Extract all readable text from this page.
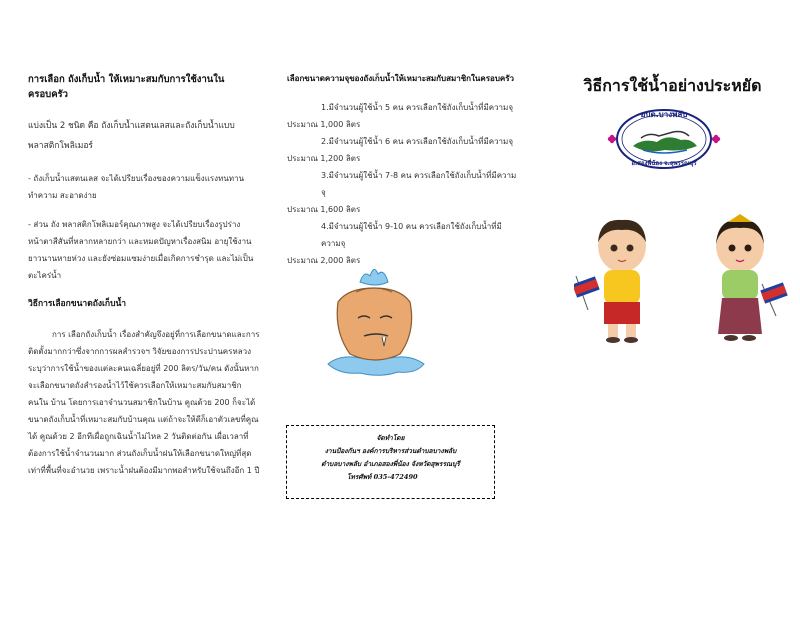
การเลือก ถังเก็บน้ำ ให้เหมาะสมกับการใช้งานในครอบครัว
แบ่งเป็น 2 ชนิด คือ ถังเก็บน้ำแสตนเลสและถังเก็บน้ำแบบพลาสติกโพลิเมอร์
- ถังเก็บน้ำแสตนเลส จะได้เปรียบเรื่องของความแข็งแรงทนทาน ทำความ สะอาดง่าย
- ส่วน ถัง พลาสติกโพลิเมอร์คุณภาพสูง จะได้เปรียบเรื่องรูปร่างหน้าตาสีสันที่หลากหลายกว่า และหมดปัญหาเรื่องสนิม อายุใช้งานยาวนานหายห่วง และยังซ่อมแซมง่ายเมื่อเกิดการชำรุด และไม่เป็นตะไคร่น้ำ
วิธีการเลือกขนาดถังเก็บน้ำ
การ เลือกถังเก็บน้ำ เรื่องสำคัญจึงอยู่ที่การเลือกขนาดและการติดตั้งมากกว่าซึ่งจากการผลสำรวจฯ วิจัยของการประปานครหลวง ระบุว่าการใช้น้ำของแต่ละคนเฉลี่ยอยู่ที่ 200 ลิตร/วัน/คน ดังนั้นหากจะเลือกขนาดถังสำรองน้ำไว้ใช้ควรเลือกให้เหมาะสมกับสมาชิกคนใน บ้าน โดยการเอาจำนวนสมาชิกในบ้าน คูณด้วย 200 ก็จะได้ขนาดถังเก็บน้ำที่เหมาะสมกับบ้านคุณ แต่ถ้าจะให้ดีก็เอาตัวเลขที่คูณได้ คูณด้วย 2 อีกทีเผื่อถูกเฉินน้ำไม่ไหล 2 วันติดต่อกัน เผื่อเวลาที่ต้องการใช้น้ำจำนวนมาก ส่วนถังเก็บน้ำฝนให้เลือกขนาดใหญ่ที่สุดเท่าที่พื้นที่จะอำนวย เพราะน้ำฝนต้องมีมากพอสำหรับใช้จนถึงอีก 1 ปี
เลือกขนาดความจุของถังเก็บน้ำให้เหมาะสมกับสมาชิกในครอบครัว
1.มีจำนวนผู้ใช้น้ำ 5 คน ควรเลือกใช้ถังเก็บน้ำที่มีความจุ
ประมาณ 1,000 ลิตร
2.มีจำนวนผู้ใช้น้ำ 6 คน ควรเลือกใช้ถังเก็บน้ำที่มีความจุ
ประมาณ 1,200 ลิตร
3.มีจำนวนผู้ใช้น้ำ 7-8 คน ควรเลือกใช้ถังเก็บน้ำที่มีความจุ
ประมาณ 1,600 ลิตร
4.มีจำนวนผู้ใช้น้ำ 9-10 คน ควรเลือกใช้ถังเก็บน้ำที่มีความจุ
ประมาณ 2,000 ลิตร
จัดทำโดย
งานป้องกันฯ องค์การบริหารส่วนตำบลบางพลับ
ตำบลบางพลับ อำเภอสองพี่น้อง จังหวัดสุพรรณบุรี
โทรศัพท์ 035-472490
วิธีการใช้น้ำอย่างประหยัด
อบต.บางพลับ
อ.สองพี่น้อง จ.สุพรรณบุรี
